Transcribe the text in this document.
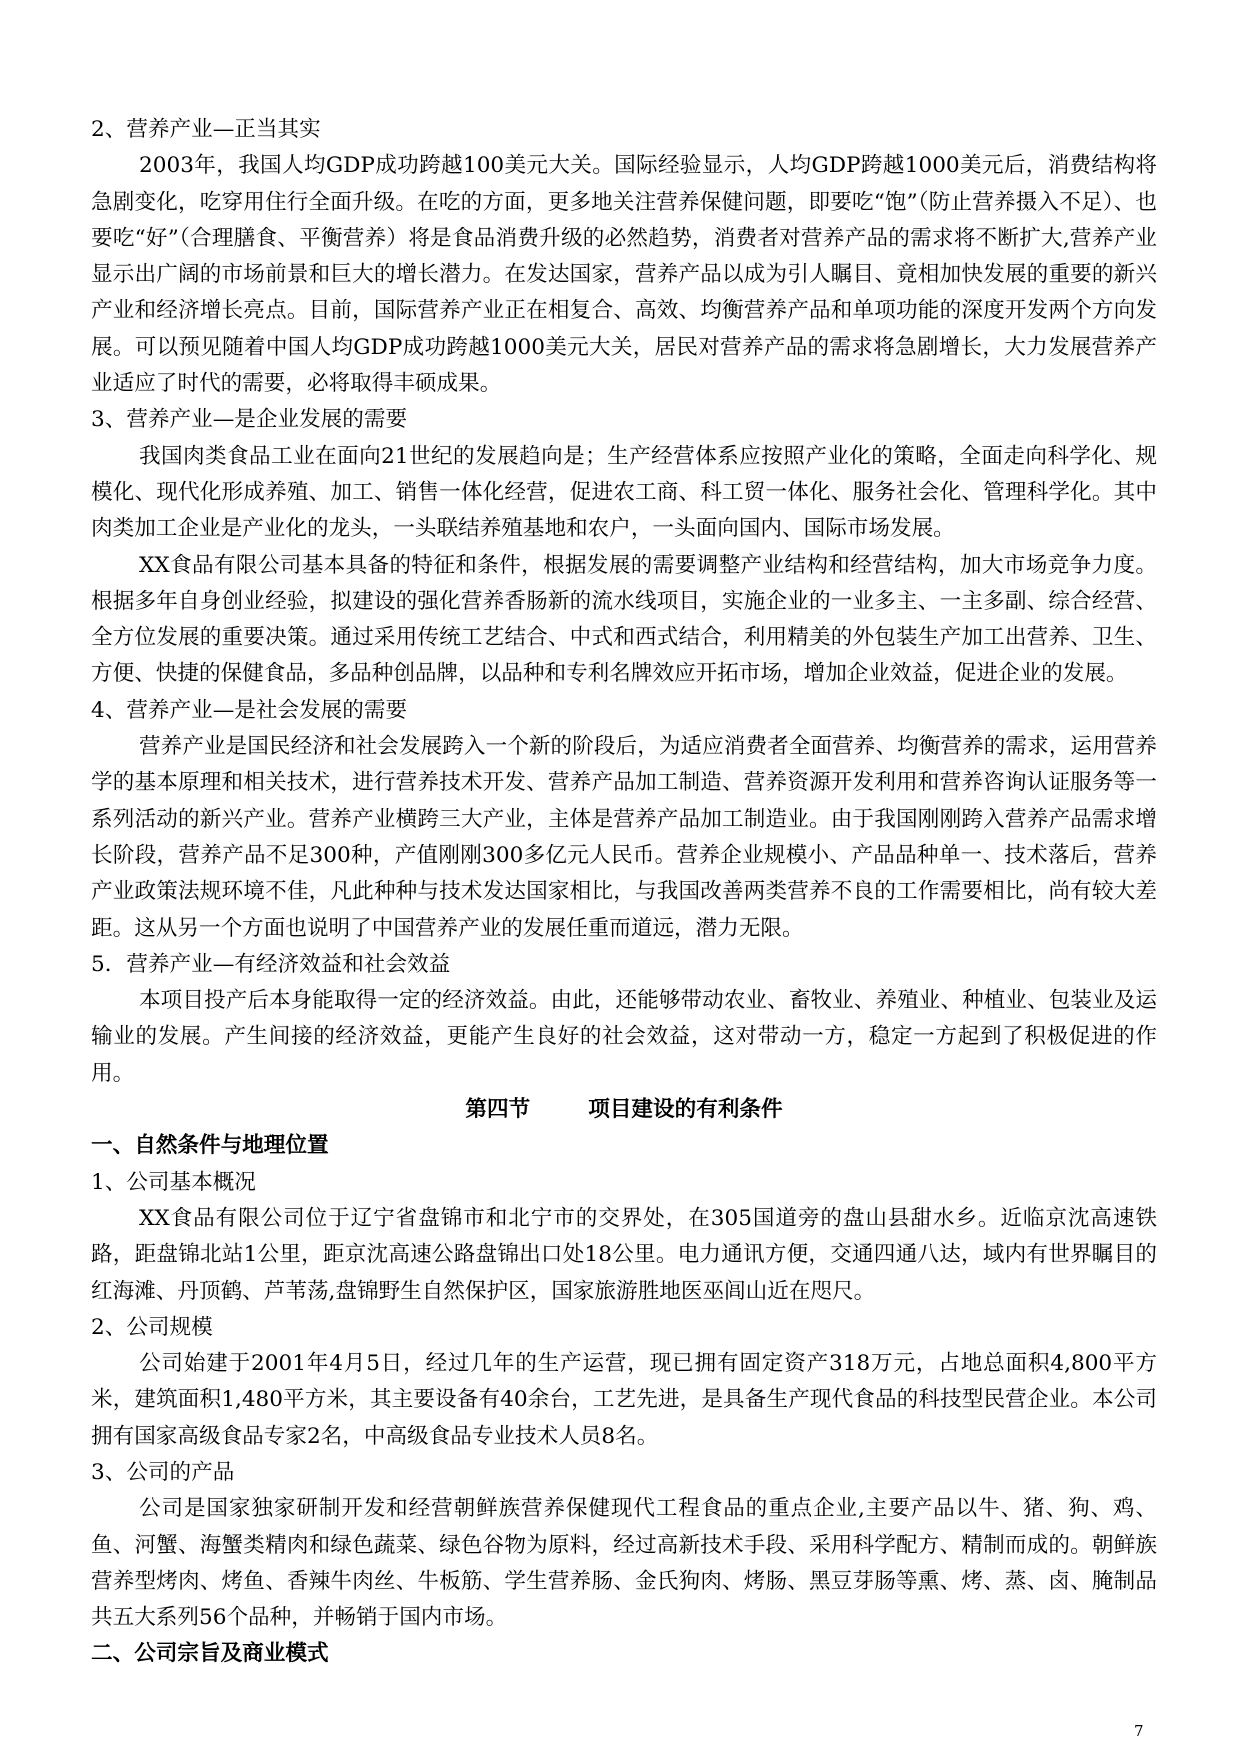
2、营养产业—正当其实

2003年，我国人均GDP成功跨越100美元大关。国际经验显示，人均GDP跨越1000美元后，消费结构将急剧变化，吃穿用住行全面升级。在吃的方面，更多地关注营养保健问题，即要吃“饱”（防止营养摄入不足）、也要吃“好”（合理膳食、平衡营养）将是食品消费升级的必然趋势，消费者对营养产品的需求将不断扩大,营养产业显示出广阔的市场前景和巨大的增长潜力。在发达国家，营养产品以成为引人瞩目、竟相加快发展的重要的新兴产业和经济增长亮点。目前，国际营养产业正在相复合、高效、均衡营养产品和单项功能的深度开发两个方向发展。可以预见随着中国人均GDP成功跨越1000美元大关，居民对营养产品的需求将急剧增长，大力发展营养产业适应了时代的需要，必将取得丰硕成果。

3、营养产业—是企业发展的需要

我国肉类食品工业在面向21世纪的发展趋向是；生产经营体系应按照产业化的策略，全面走向科学化、规模化、现代化形成养殖、加工、销售一体化经营，促进农工商、科工贸一体化、服务社会化、管理科学化。其中肉类加工企业是产业化的龙头，一头联结养殖基地和农户，一头面向国内、国际市场发展。

XX食品有限公司基本具备的特征和条件，根据发展的需要调整产业结构和经营结构，加大市场竞争力度。根据多年自身创业经验，拟建设的强化营养香肠新的流水线项目，实施企业的一业多主、一主多副、综合经营、全方位发展的重要决策。通过采用传统工艺结合、中式和西式结合，利用精美的外包装生产加工出营养、卫生、方便、快捷的保健食品，多品种创品牌，以品种和专利名牌效应开拓市场，增加企业效益，促进企业的发展。

4、营养产业—是社会发展的需要

营养产业是国民经济和社会发展跨入一个新的阶段后，为适应消费者全面营养、均衡营养的需求，运用营养学的基本原理和相关技术，进行营养技术开发、营养产品加工制造、营养资源开发利用和营养咨询认证服务等一系列活动的新兴产业。营养产业横跨三大产业，主体是营养产品加工制造业。由于我国刚刚跨入营养产品需求增长阶段，营养产品不足300种，产值刚刚300多亿元人民币。营养企业规模小、产品品种单一、技术落后，营养产业政策法规环境不佳，凡此种种与技术发达国家相比，与我国改善两类营养不良的工作需要相比，尚有较大差距。这从另一个方面也说明了中国营养产业的发展任重而道远，潜力无限。

5．营养产业—有经济效益和社会效益

本项目投产后本身能取得一定的经济效益。由此，还能够带动农业、畜牧业、养殖业、种植业、包装业及运输业的发展。产生间接的经济效益，更能产生良好的社会效益，这对带动一方，稳定一方起到了积极促进的作用。

第四节	项目建设的有利条件

一、自然条件与地理位置

1、公司基本概况

XX食品有限公司位于辽宁省盘锦市和北宁市的交界处，在305国道旁的盘山县甜水乡。近临京沈高速铁路，距盘锦北站1公里，距京沈高速公路盘锦出口处18公里。电力通讯方便，交通四通八达，域内有世界瞩目的红海滩、丹顶鹤、芦苇荡,盘锦野生自然保护区，国家旅游胜地医巫闾山近在咫尺。

2、公司规模

公司始建于2001年4月5日，经过几年的生产运营，现已拥有固定资产318万元，占地总面积4,800平方米，建筑面积1,480平方米，其主要设备有40余台，工艺先进，是具备生产现代食品的科技型民营企业。本公司拥有国家高级食品专家2名，中高级食品专业技术人员8名。

3、公司的产品

公司是国家独家研制开发和经营朝鲜族营养保健现代工程食品的重点企业,主要产品以牛、猪、狗、鸡、鱼、河蟹、海蟹类精肉和绿色蔬菜、绿色谷物为原料，经过高新技术手段、采用科学配方、精制而成的。朝鲜族营养型烤肉、烤鱼、香辣牛肉丝、牛板筋、学生营养肠、金氏狗肉、烤肠、黑豆芽肠等熏、烤、蒸、卤、腌制品共五大系列56个品种，并畅销于国内市场。

二、公司宗旨及商业模式

7
